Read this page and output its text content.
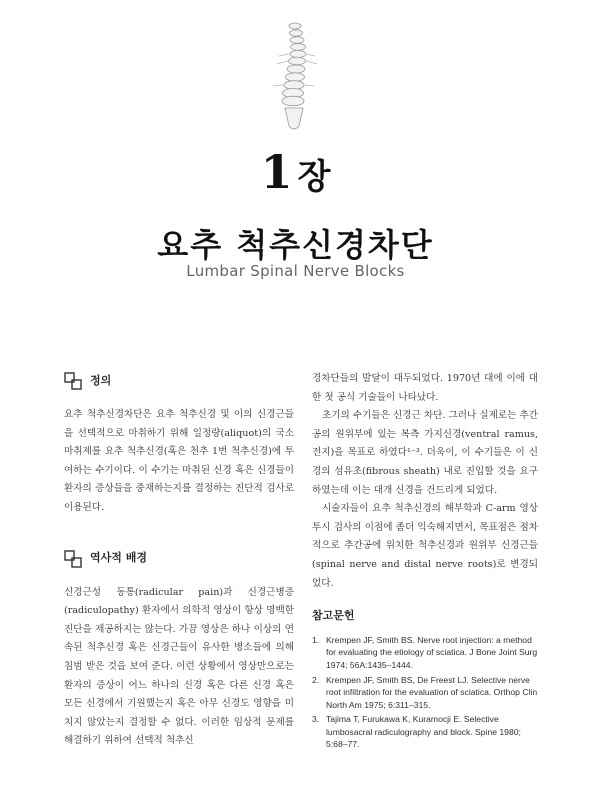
1 장
요추 척추신경차단
Lumbar Spinal Nerve Blocks
정의

요추 척추신경차단은 요추 척추신경 및 이의 신경근들을 선택적으로 마취하기 위해 일정량(aliquot)의 국소마취제를 요추 척추신경(혹은 천추 1번 척추신경)에 투여하는 수기이다. 이 수기는 마취된 신경 혹은 신경들이 환자의 증상들을 중재하는지를 결정하는 진단적 검사로 이용된다.

역사적 배경

신경근성 동통(radicular pain)과 신경근병증(radiculopathy) 환자에서 의학적 영상이 항상 명백한 진단을 제공하지는 않는다. 가끔 영상은 하나 이상의 연속된 척추신경 혹은 신경근들이 유사한 병소들에 의해 침범 받은 것을 보여 준다. 이런 상황에서 영상만으로는 환자의 증상이 어느 하나의 신경 혹은 다른 신경 혹은 모든 신경에서 기원했는지 혹은 아무 신경도 영향을 미치지 않았는지 결정할 수 없다. 이러한 임상적 문제를 해결하기 위하여 선택적 척추신

경차단들의 발달이 대두되었다. 1970년 대에 이에 대한 첫 공식 기술들이 나타났다.

초기의 수기들은 신경근 차단. 그러나 실제로는 추간공의 원위부에 있는 복측 가지신경(ventral ramus, 전지)을 목표로 하였다¹⁻³. 더욱이, 이 수기들은 이 신경의 섬유초(fibrous sheath) 내로 진입할 것을 요구하였는데 이는 대개 신경을 건드리게 되었다.

시술자들이 요추 척추신경의 해부학과 C-arm 영상투시 검사의 이점에 좀더 익숙해지면서, 목표점은 점차적으로 추간공에 위치한 척추신경과 원위부 신경근들(spinal nerve and distal nerve roots)로 변경되었다.

참고문헌
1. Krempen JF, Smith BS. Nerve root injection: a method for evaluating the etiology of sciatica. J Bone Joint Surg 1974; 56A:1435–1444.
2. Krempen JF, Smith BS, De Freest LJ. Selective nerve root infiltration for the evaluation of sciatica. Orthop Clin North Am 1975; 6:311–315.
3. Tajima T, Furukawa K, Kuramocji E. Selective lumbosacral radiculography and block. Spine 1980; 5:68–77.
